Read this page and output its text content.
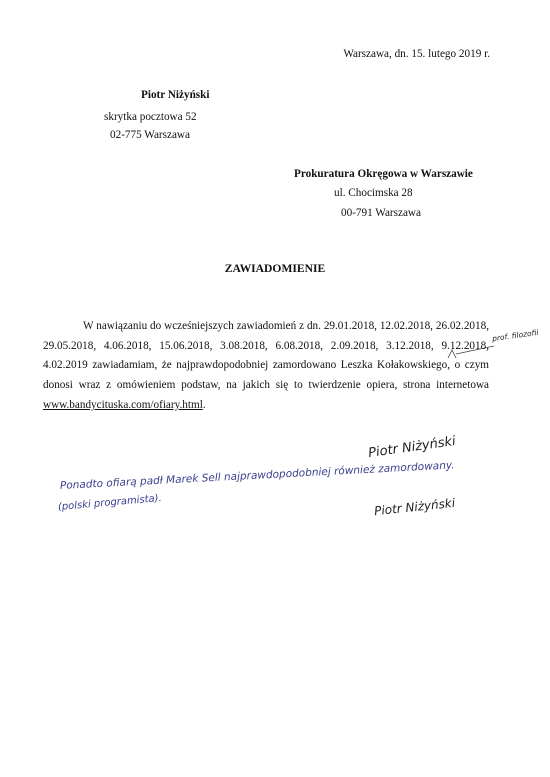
Warszawa, dn. 15. lutego 2019 r.
Piotr Niżyński
skrytka pocztowa 52
02-775 Warszawa
Prokuratura Okręgowa w Warszawie
ul. Chocimska 28
00-791 Warszawa
ZAWIADOMIENIE
W nawiązaniu do wcześniejszych zawiadomień z dn. 29.01.2018, 12.02.2018, 26.02.2018, 29.05.2018, 4.06.2018, 15.06.2018, 3.08.2018, 6.08.2018, 2.09.2018, 3.12.2018, 9.12.2018, 4.02.2019 zawiadamiam, że najprawdopodobniej zamordowano Leszka Kołakowskiego, o czym donosi wraz z omówieniem podstaw, na jakich się to twierdzenie opiera, strona internetowa www.bandycituska.com/ofiary.html.
prof. filozofii
Piotr Niżyński
Ponadto ofiarą padł Marek Sell najprawdopodobniej również zamordowany.
(polski programista).	Piotr Niżyński
